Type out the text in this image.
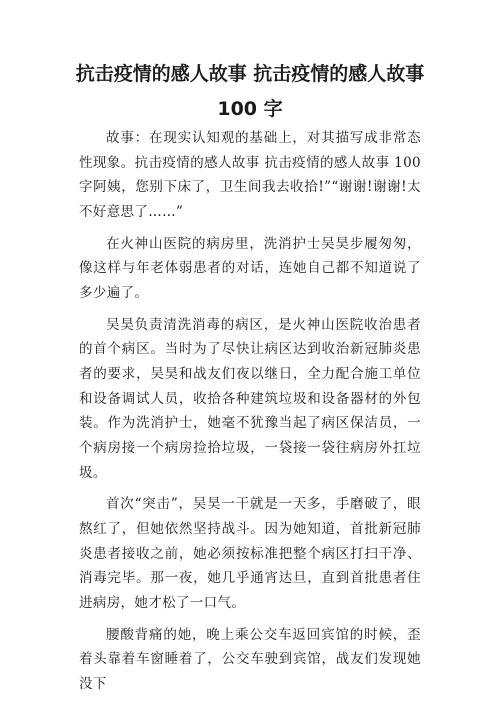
抗击疫情的感人故事 抗击疫情的感人故事
100 字

故事：在现实认知观的基础上，对其描写成非常态性现象。抗击疫情的感人故事 抗击疫情的感人故事 100 字阿姨，您别下床了，卫生间我去收拾!”“谢谢!谢谢!太不好意思了……”

在火神山医院的病房里，洗消护士吴昊步履匆匆，像这样与年老体弱患者的对话，连她自己都不知道说了多少遍了。

吴昊负责清洗消毒的病区，是火神山医院收治患者的首个病区。当时为了尽快让病区达到收治新冠肺炎患者的要求，吴昊和战友们夜以继日，全力配合施工单位和设备调试人员，收拾各种建筑垃圾和设备器材的外包装。作为洗消护士，她毫不犹豫当起了病区保洁员，一个病房接一个病房捡拾垃圾，一袋接一袋往病房外扛垃圾。

首次“突击”，吴昊一干就是一天多，手磨破了，眼熬红了，但她依然坚持战斗。因为她知道，首批新冠肺炎患者接收之前，她必须按标准把整个病区打扫干净、消毒完毕。那一夜，她几乎通宵达旦，直到首批患者住进病房，她才松了一口气。

腰酸背痛的她，晚上乘公交车返回宾馆的时候，歪着头靠着车窗睡着了，公交车驶到宾馆，战友们发现她没下
